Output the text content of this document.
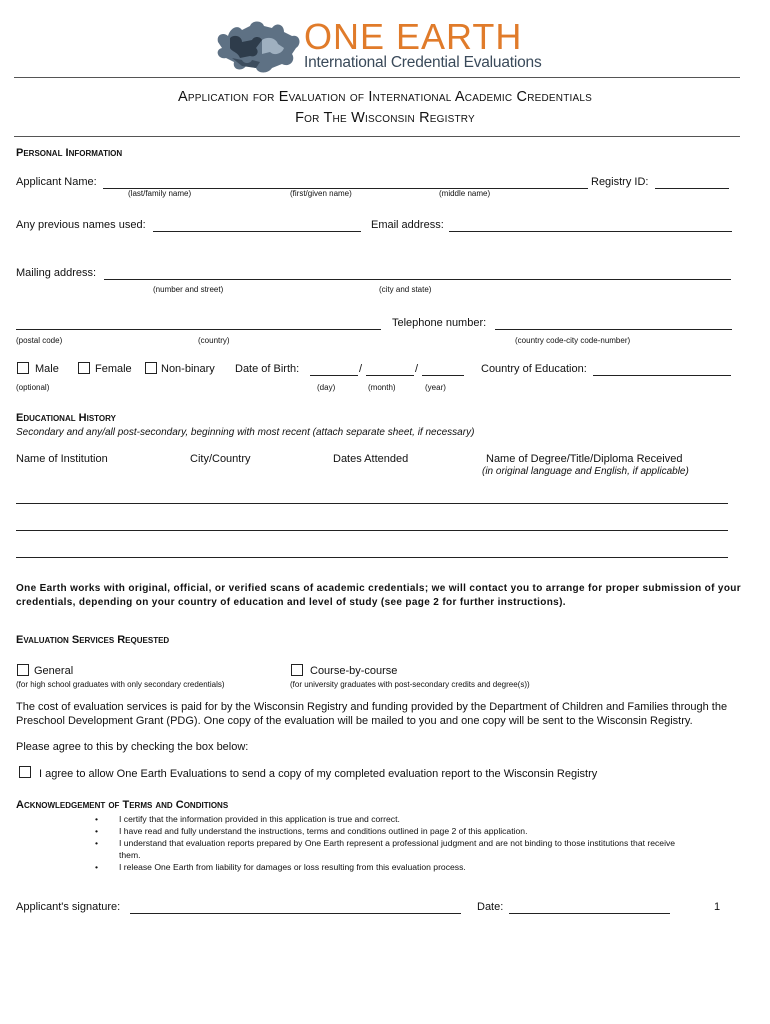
ONE EARTH
International Credential Evaluations
Application for Evaluation of International Academic Credentials
For The Wisconsin Registry
Personal Information
Applicant Name:	Registry ID:
(last/family name)	(first/given name)	(middle name)
Any previous names used:	Email address:
Mailing address:
(number and street)	(city and state)
Telephone number:
(postal code)	(country)	(country code-city code-number)
Male	Female	Non-binary Date of Birth:	/	/	Country of Education:
(optional)	(day)	(month)	(year)
Educational History
Secondary and any/all post-secondary, beginning with most recent (attach separate sheet, if necessary)
Name of Institution	City/Country	Dates Attended	Name of Degree/Title/Diploma Received
(in original language and English, if applicable)
One Earth works with original, official, or verified scans of academic credentials; we will contact you to arrange for proper submission of your credentials, depending on your country of education and level of study (see page 2 for further instructions).
Evaluation Services Requested
General
(for high school graduates with only secondary credentials)
Course-by-course
(for university graduates with post-secondary credits and degree(s))
The cost of evaluation services is paid for by the Wisconsin Registry and funding provided by the Department of Children and Families through the Preschool Development Grant (PDG). One copy of the evaluation will be mailed to you and one copy will be sent to the Wisconsin Registry.
Please agree to this by checking the box below:
I agree to allow One Earth Evaluations to send a copy of my completed evaluation report to the Wisconsin Registry
Acknowledgement of Terms and Conditions
• I certify that the information provided in this application is true and correct.
• I have read and fully understand the instructions, terms and conditions outlined in page 2 of this application.
• I understand that evaluation reports prepared by One Earth represent a professional judgment and are not binding to those institutions that receive them.
• I release One Earth from liability for damages or loss resulting from this evaluation process.
Applicant's signature:	Date:	1
